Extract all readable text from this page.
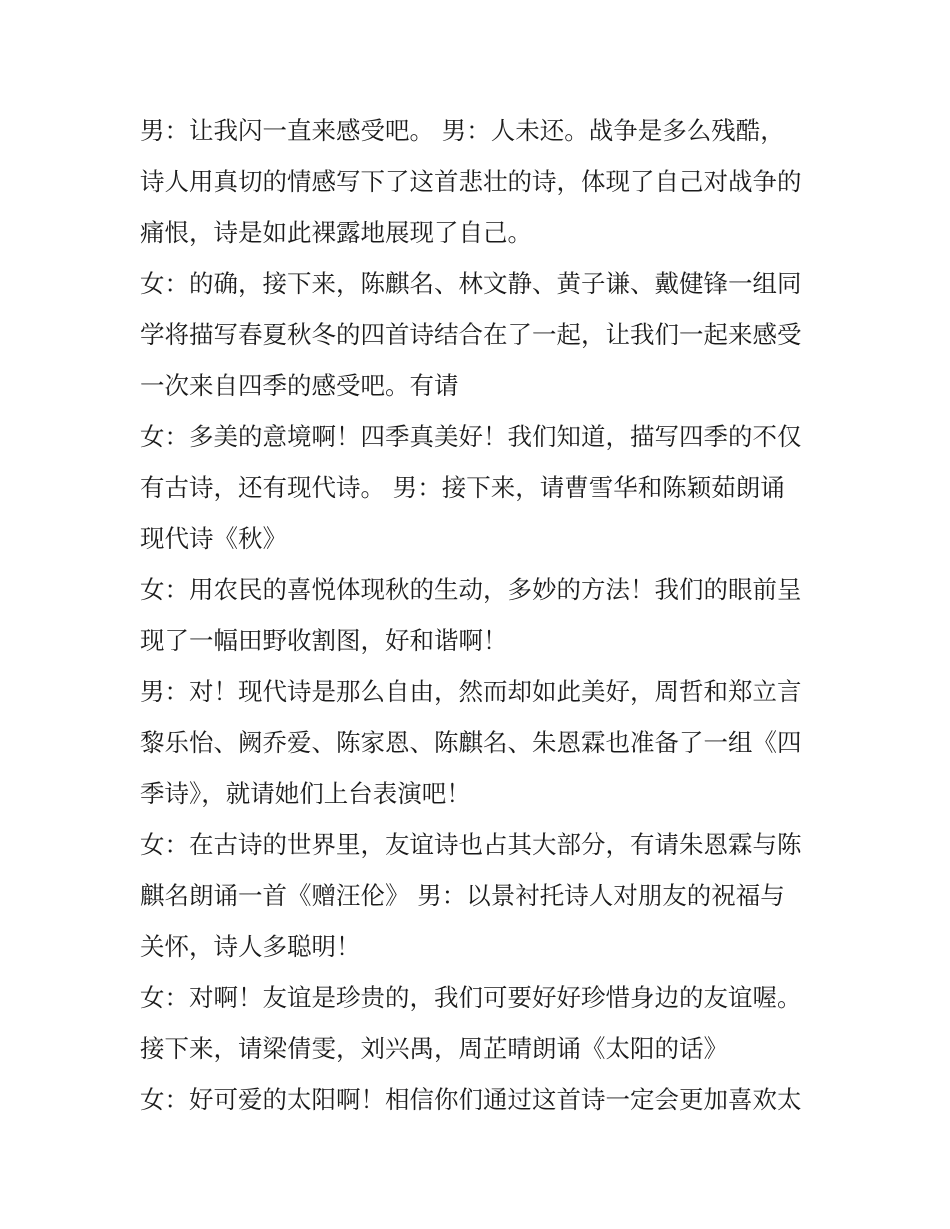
男：让我闪一直来感受吧。 男：人未还。战争是多么残酷，
诗人用真切的情感写下了这首悲壮的诗，体现了自己对战争的
痛恨，诗是如此裸露地展现了自己。
女：的确，接下来，陈麒名、林文静、黄子谦、戴健锋一组同
学将描写春夏秋冬的四首诗结合在了一起，让我们一起来感受
一次来自四季的感受吧。有请
女：多美的意境啊！四季真美好！我们知道，描写四季的不仅
有古诗，还有现代诗。 男：接下来，请曹雪华和陈颖茹朗诵
现代诗《秋》
女：用农民的喜悦体现秋的生动，多妙的方法！我们的眼前呈
现了一幅田野收割图，好和谐啊！
男：对！现代诗是那么自由，然而却如此美好，周哲和郑立言
黎乐怡、阙乔爱、陈家恩、陈麒名、朱恩霖也准备了一组《四
季诗》，就请她们上台表演吧！
女：在古诗的世界里，友谊诗也占其大部分，有请朱恩霖与陈
麒名朗诵一首《赠汪伦》 男：以景衬托诗人对朋友的祝福与
关怀，诗人多聪明！
女：对啊！友谊是珍贵的，我们可要好好珍惜身边的友谊喔。
接下来，请梁倩雯，刘兴禺，周芷晴朗诵《太阳的话》
女：好可爱的太阳啊！相信你们通过这首诗一定会更加喜欢太
